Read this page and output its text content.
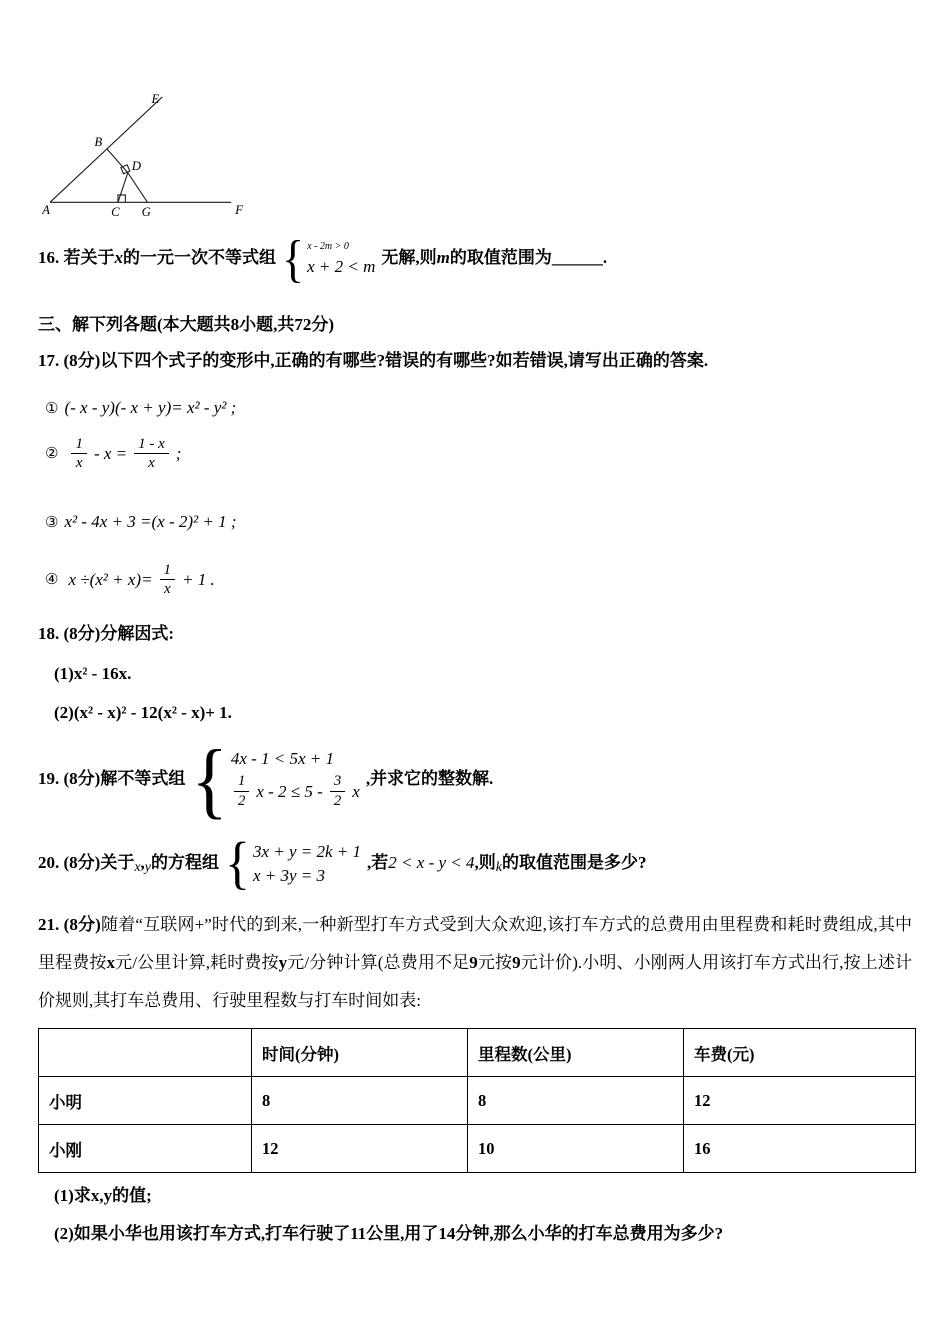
A
B
C
D
E
F
G
16. 若关于x的一元一次不等式组 { x - 2m > 0
x + 2 < m 无解,则m的取值范围为______.
三、解下列各题(本大题共8小题,共72分)
17. (8分)以下四个式子的变形中,正确的有哪些?错误的有哪些?如若错误,请写出正确的答案.
① (- x - y)(- x + y)= x² - y² ;
② $\frac{1}{x} - x = \frac{1 - x}{x}$ ;
③ x² - 4x + 3 =(x - 2)² + 1 ;
④ $x \div(x^2 + x)= \frac{1}{x} + 1$ .
18. (8分)分解因式:
(1)x² - 16x.
(2)(x² - x)² - 12(x² - x)+ 1.
19. (8分)解不等式组 { 4x - 1 < 5x + 1
$\frac{1}{2}$ $x - 2 \le 5 - \frac{3}{2}$ x
,并求它的整数解.
20. (8分)关于x,y的方程组 { 3x + y = 2k + 1
x + 3y = 3
,若2 < x - y < 4,则k的取值范围是多少?

21. (8分)随着“互联网+”时代的到来,一种新型打车方式受到大众欢迎,该打车方式的总费用由里程费和耗时费组成,其中里程费按x元/公里计算,耗时费按y元/分钟计算(总费用不足9元按9元计价).小明、小刚两人用该打车方式出行,按上述计价规则,其打车总费用、行驶里程数与打车时间如表:

	时间(分钟)	里程数(公里)	车费(元)
小明	8	8	12
小刚	12	10	16
(1)求x,y的值;
(2)如果小华也用该打车方式,打车行驶了11公里,用了14分钟,那么小华的打车总费用为多少?
